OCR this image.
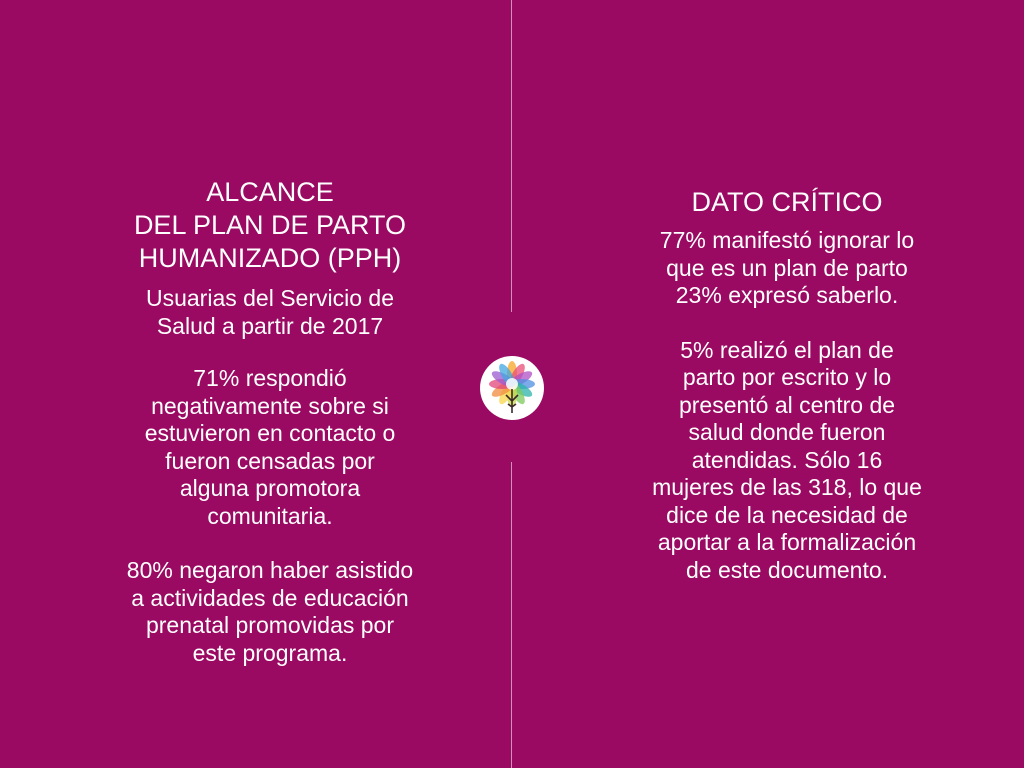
ALCANCE
DEL PLAN DE PARTO
HUMANIZADO (PPH)

Usuarias del Servicio de
Salud a partir de 2017

71% respondió
negativamente sobre si
estuvieron en contacto o
fueron censadas por
alguna promotora
comunitaria.

80% negaron haber asistido
a actividades de educación
prenatal promovidas por
este programa.

DATO CRÍTICO

77% manifestó ignorar lo
que es un plan de parto
23% expresó saberlo.

5% realizó el plan de
parto por escrito y lo
presentó al centro de
salud donde fueron
atendidas. Sólo 16
mujeres de las 318, lo que
dice de la necesidad de
aportar a la formalización
de este documento.
